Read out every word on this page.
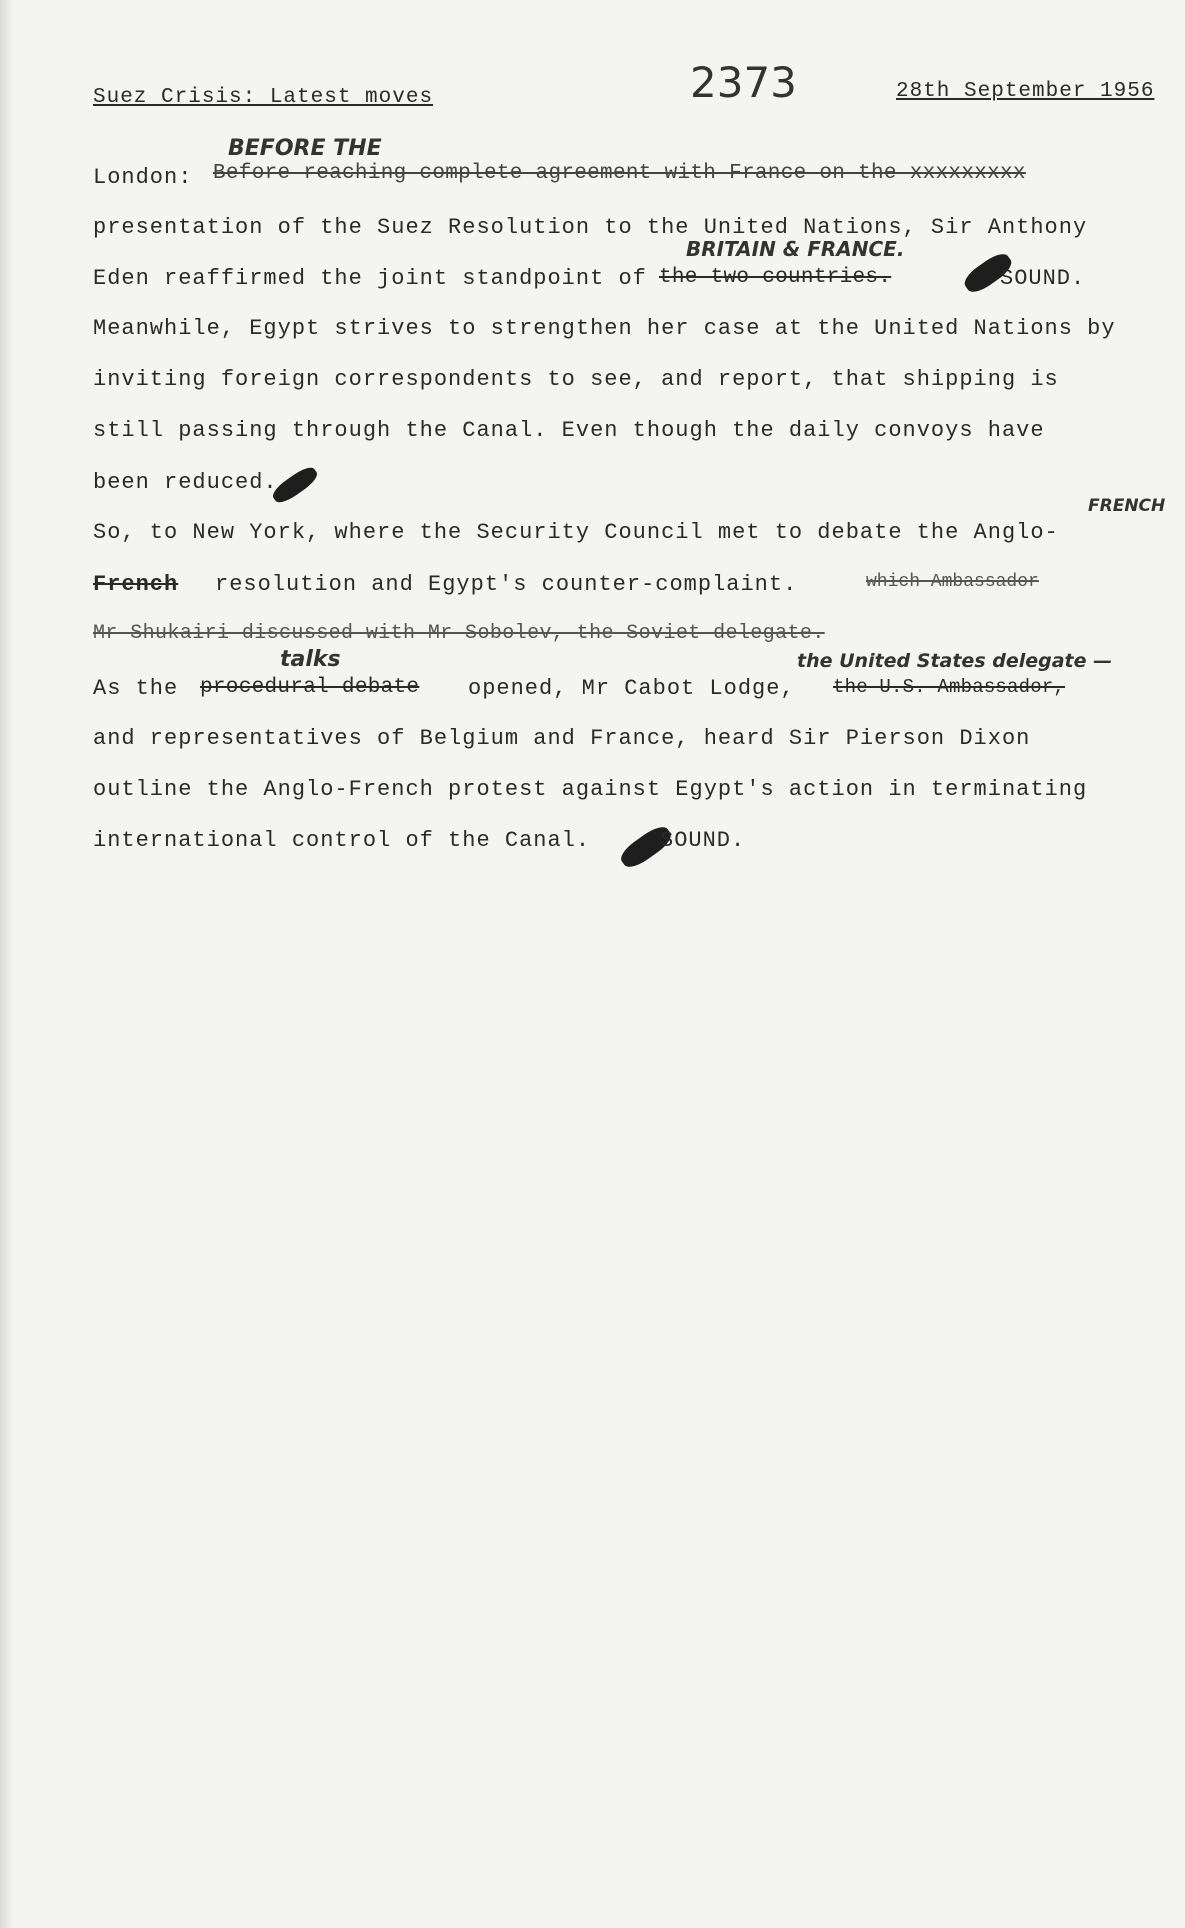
Suez Crisis: Latest moves	2373	28th September 1956
BEFORE THE
London: Before reaching complete agreement with France on the xxxxxxxxx
presentation of the Suez Resolution to the United Nations, Sir Anthony
BRITAIN & FRANCE.
Eden reaffirmed the joint standpoint of the two countries.	SOUND.
Meanwhile, Egypt strives to strengthen her case at the United Nations by
inviting foreign correspondents to see, and report, that shipping is
still passing through the Canal. Even though the daily convoys have
been reduced.
FRENCH
So, to New York, where the Security Council met to debate the Anglo-
French resolution and Egypt's counter-complaint.	which Ambassador
Mr Shukairi discussed with Mr Sobolev, the Soviet delegate.
talks	the United States delegate —
As the procedural debate opened, Mr Cabot Lodge, the U.S. Ambassador,
and representatives of Belgium and France, heard Sir Pierson Dixon
outline the Anglo-French protest against Egypt's action in terminating
international control of the Canal.	SOUND.
